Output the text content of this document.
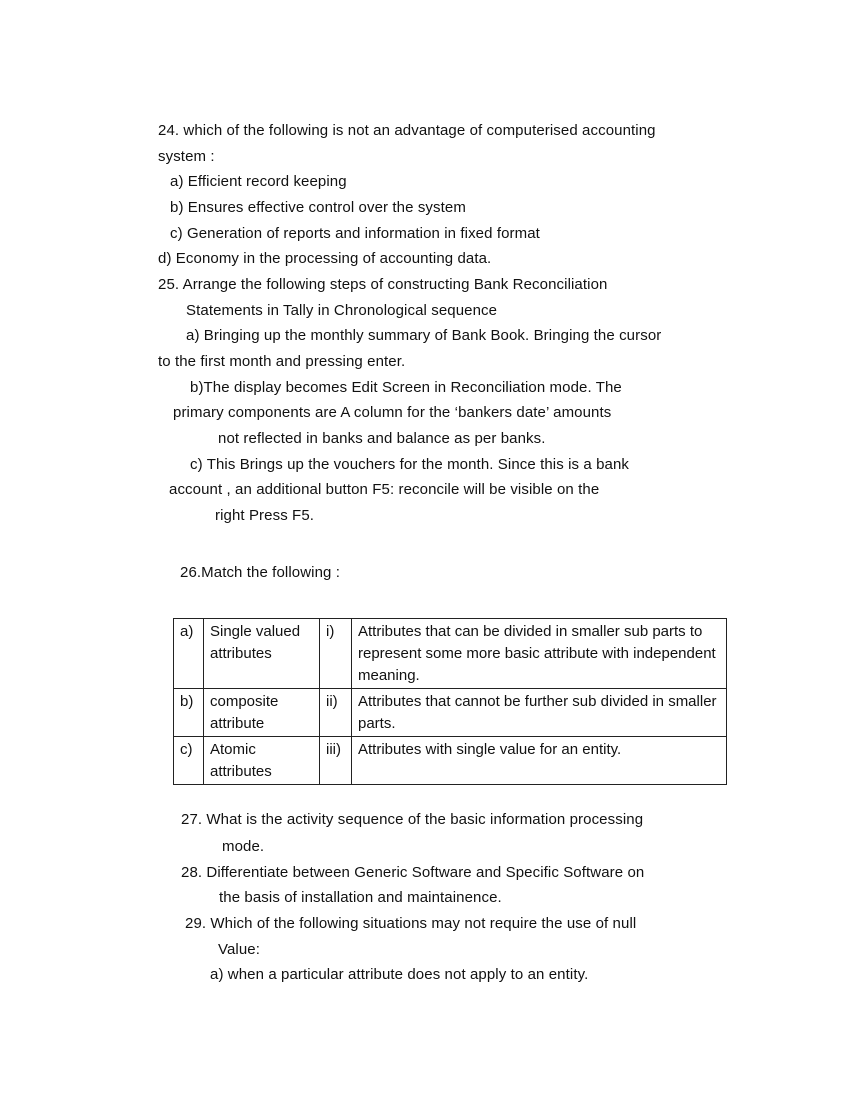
24. which of the following is not an advantage of computerised accounting
system :
a) Efficient record keeping
b) Ensures effective control over the system
c) Generation of reports and information in fixed format
d) Economy in the processing of accounting data.
25. Arrange the following steps of constructing Bank Reconciliation
Statements in Tally in Chronological sequence
a) Bringing up the monthly summary of Bank Book. Bringing the cursor
to the first month and pressing enter.
b)The display becomes Edit Screen in Reconciliation mode. The
primary components are A column for the ‘bankers date’ amounts
not reflected in banks and balance as per banks.
c) This Brings up the vouchers for the month. Since this is a bank
account , an additional button F5: reconcile will be visible on the
right Press F5.
26.Match the following :
a)	Single valued attributes	i)	Attributes that can be divided in smaller sub parts to represent some more basic attribute with independent meaning.
b)	composite attribute	ii)	Attributes that cannot be further sub divided in smaller parts.
c)	Atomic attributes	iii)	Attributes with single value for an entity.
27. What is the activity sequence of the basic information processing
mode.
28. Differentiate between Generic Software and Specific Software on
the basis of installation and maintainence.
29. Which of the following situations may not require the use of null
Value:
a) when a particular attribute does not apply to an entity.
